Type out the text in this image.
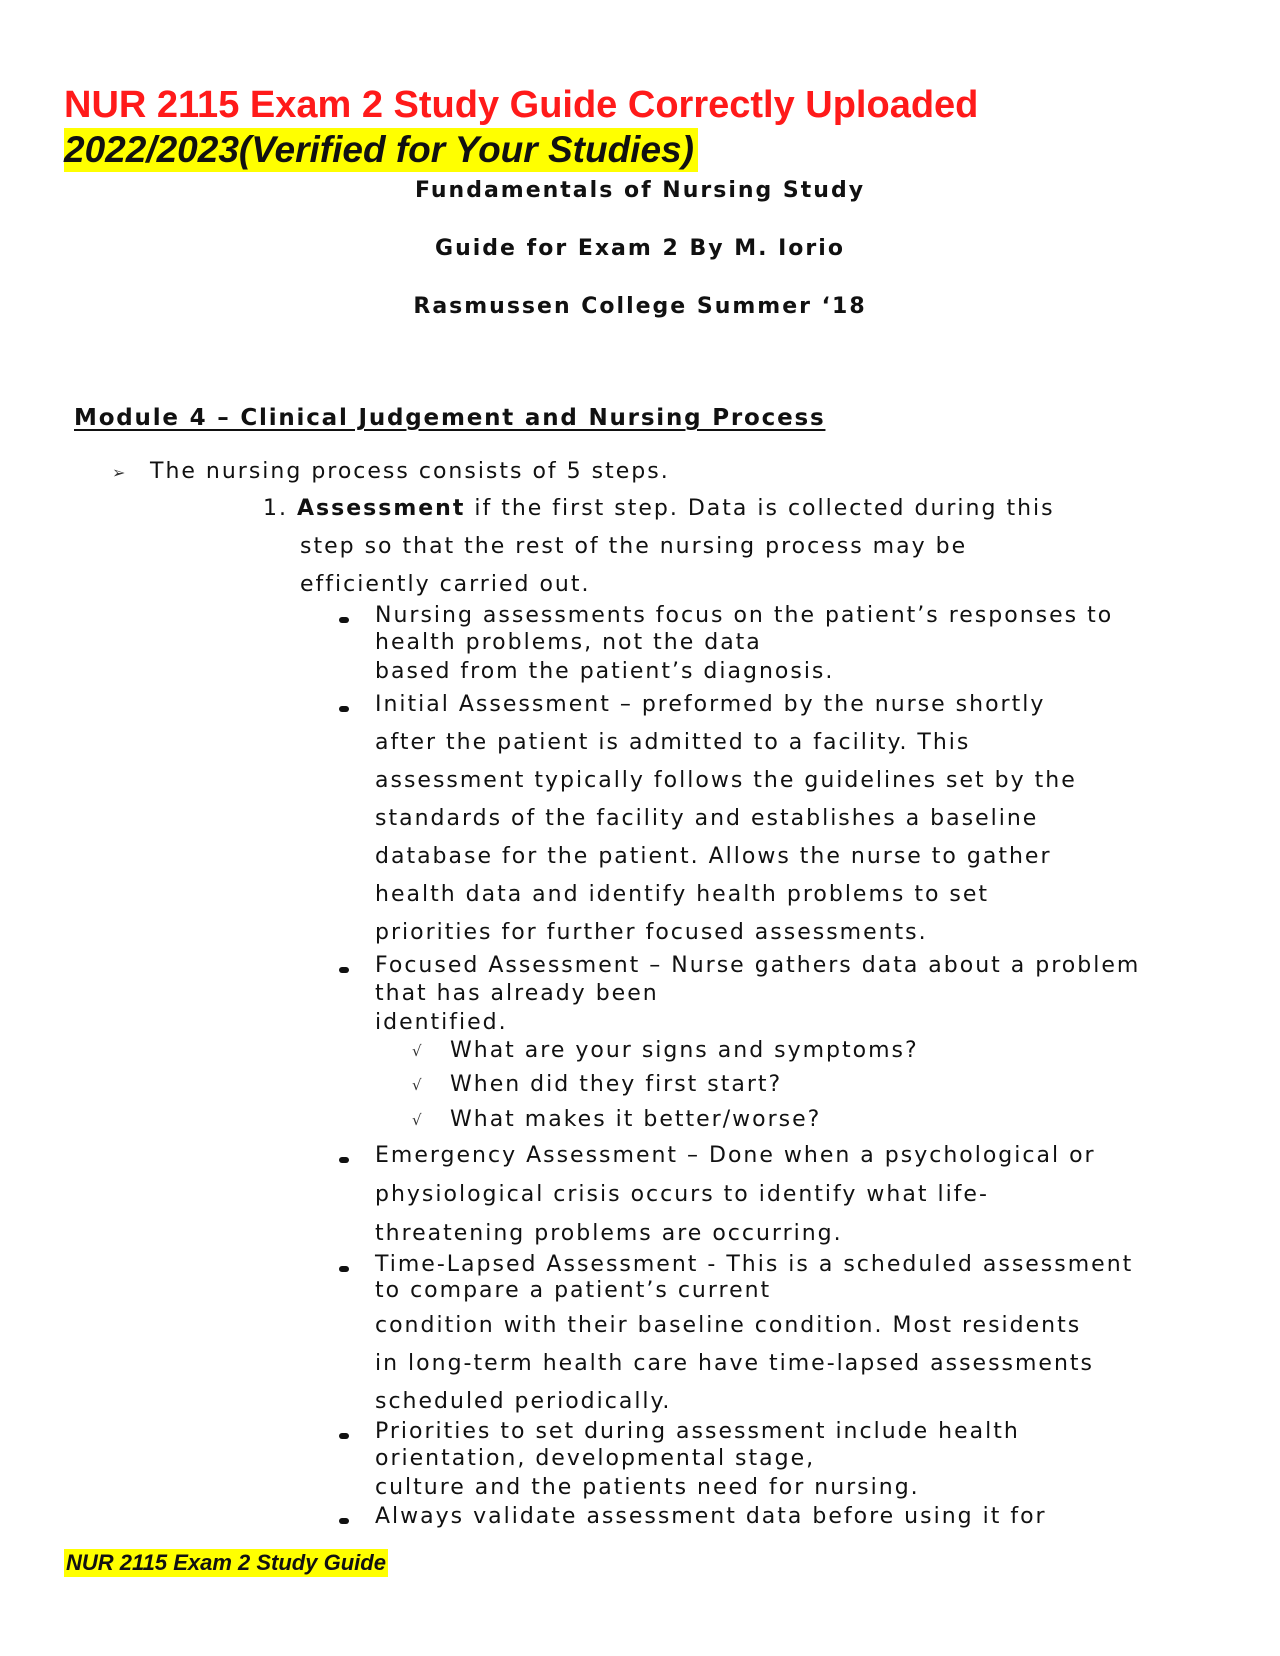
NUR 2115 Exam 2 Study Guide Correctly Uploaded
2022/2023(Verified for Your Studies)
Fundamentals of Nursing Study
Guide for Exam 2 By M. Iorio
Rasmussen College Summer ‘18
Module 4 – Clinical Judgement and Nursing Process
➢ The nursing process consists of 5 steps.
1. Assessment if the first step. Data is collected during this
step so that the rest of the nursing process may be
efficiently carried out.
Nursing assessments focus on the patient’s responses to
health problems, not the data
based from the patient’s diagnosis.
Initial Assessment – preformed by the nurse shortly
after the patient is admitted to a facility. This
assessment typically follows the guidelines set by the
standards of the facility and establishes a baseline
database for the patient. Allows the nurse to gather
health data and identify health problems to set
priorities for further focused assessments.
Focused Assessment – Nurse gathers data about a problem
that has already been
identified.
√ What are your signs and symptoms?
√ When did they first start?
√ What makes it better/worse?
Emergency Assessment – Done when a psychological or
physiological crisis occurs to identify what life-
threatening problems are occurring.
Time-Lapsed Assessment - This is a scheduled assessment
to compare a patient’s current
condition with their baseline condition. Most residents
in long-term health care have time-lapsed assessments
scheduled periodically.
Priorities to set during assessment include health
orientation, developmental stage,
culture and the patients need for nursing.
Always validate assessment data before using it for
NUR 2115 Exam 2 Study Guide
